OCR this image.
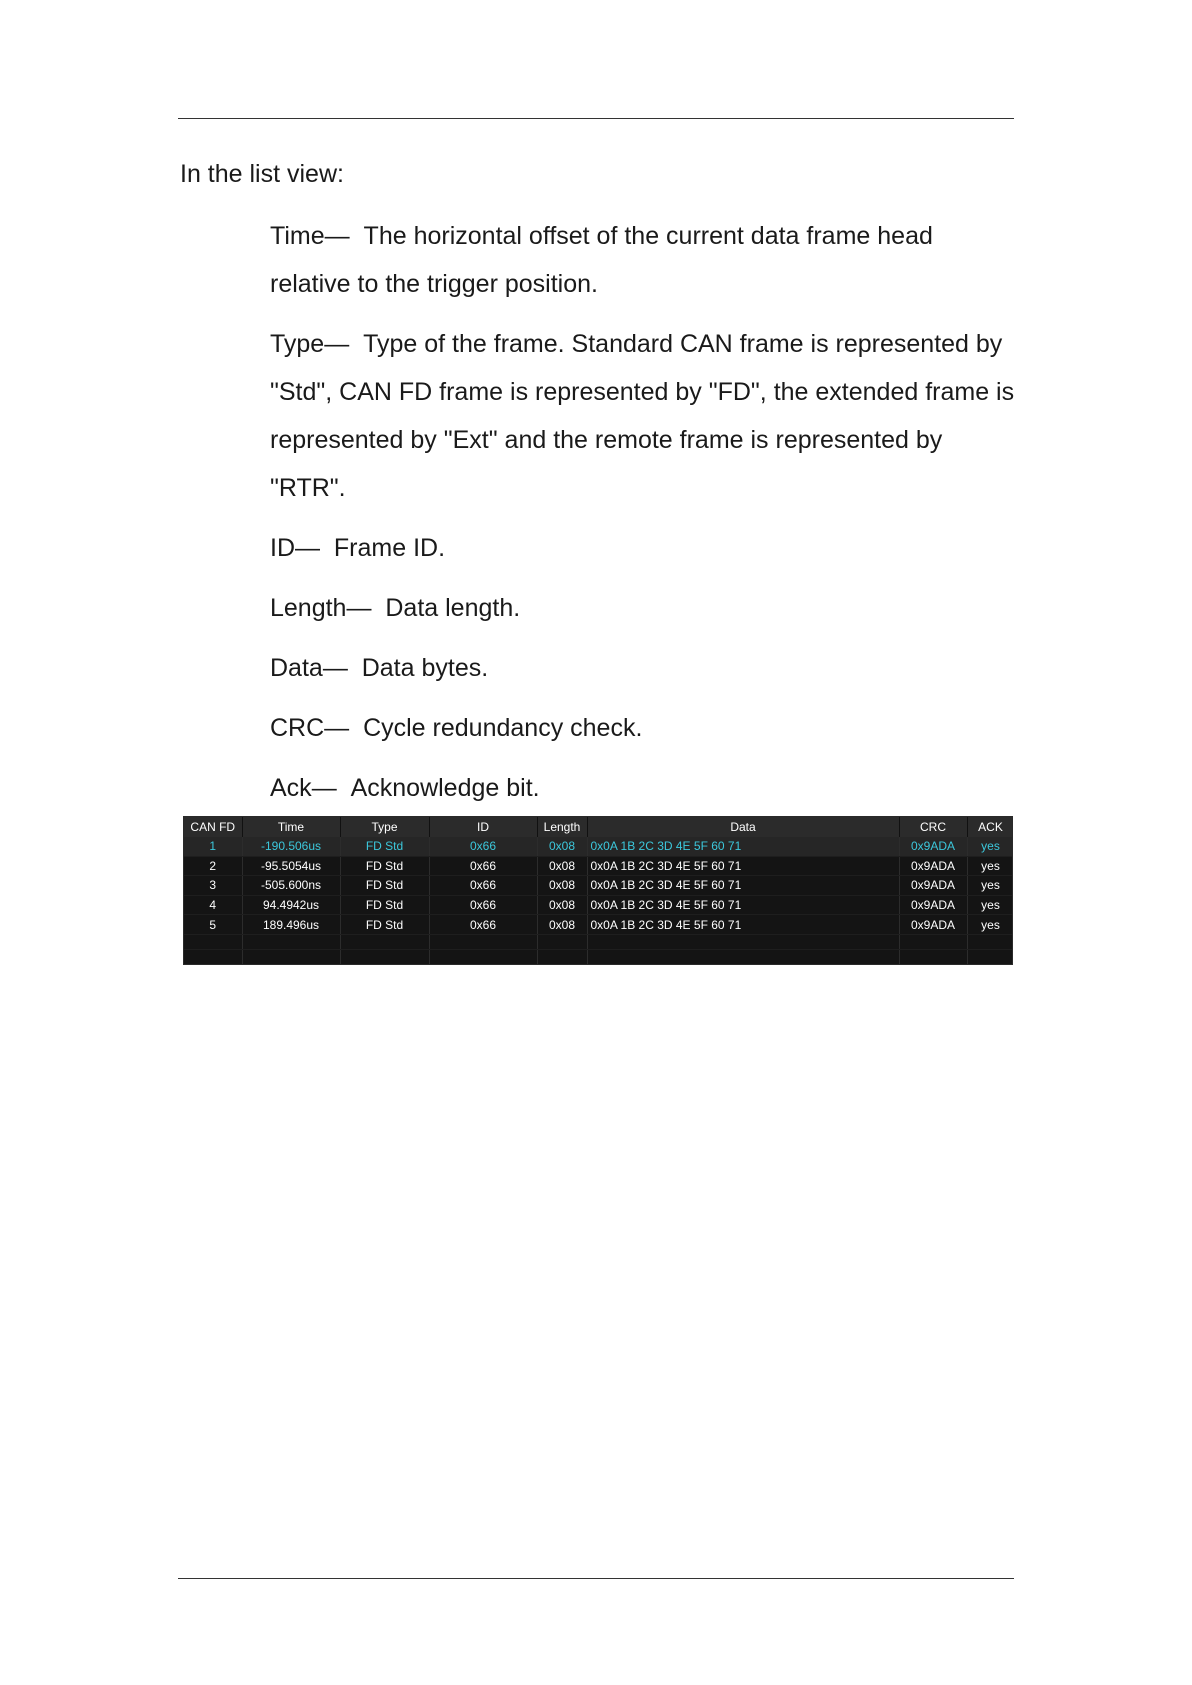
In the list view:

Time — The horizontal offset of the current data frame head relative to the trigger position.

Type — Type of the frame. Standard CAN frame is represented by "Std", CAN FD frame is represented by "FD", the extended frame is represented by "Ext" and the remote frame is represented by "RTR".

ID — Frame ID.

Length — Data length.

Data — Data bytes.

CRC — Cycle redundancy check.

Ack — Acknowledge bit.

CAN FD	Time	Type	ID	Length	Data	CRC	ACK
1	-190.506us	FD Std	0x66	0x08	0x0A 1B 2C 3D 4E 5F 60 71	0x9ADA	yes
2	-95.5054us	FD Std	0x66	0x08	0x0A 1B 2C 3D 4E 5F 60 71	0x9ADA	yes
3	-505.600ns	FD Std	0x66	0x08	0x0A 1B 2C 3D 4E 5F 60 71	0x9ADA	yes
4	94.4942us	FD Std	0x66	0x08	0x0A 1B 2C 3D 4E 5F 60 71	0x9ADA	yes
5	189.496us	FD Std	0x66	0x08	0x0A 1B 2C 3D 4E 5F 60 71	0x9ADA	yes
